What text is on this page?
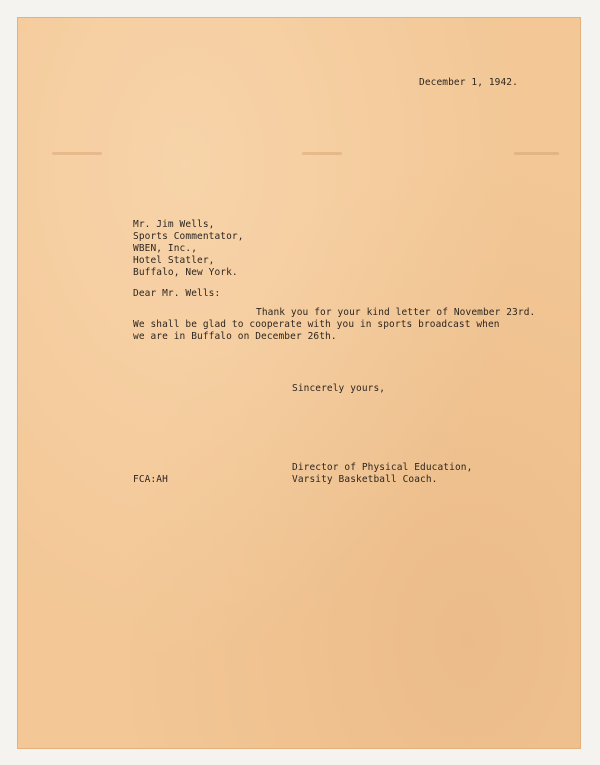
December 1, 1942.
Mr. Jim Wells,
Sports Commentator,
WBEN, Inc.,
Hotel Statler,
Buffalo, New York.
Dear Mr. Wells:
Thank you for your kind letter of November 23rd.
We shall be glad to cooperate with you in sports broadcast when
we are in Buffalo on December 26th.
Sincerely yours,
Director of Physical Education,
Varsity Basketball Coach.
FCA:AH
